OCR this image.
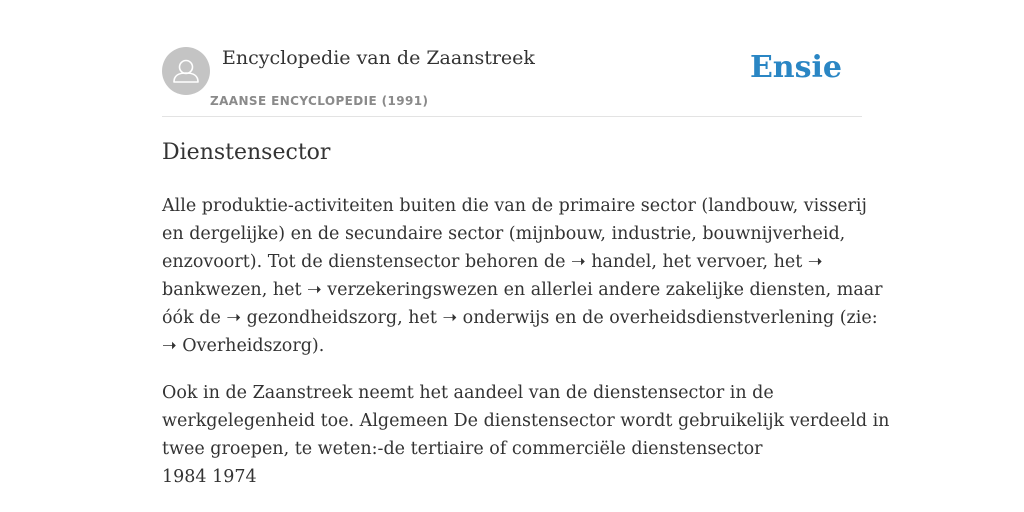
Encyclopedie van de Zaanstreek
ZAANSE ENCYCLOPEDIE (1991)
Ensie
Dienstensector

Alle produktie-activiteiten buiten die van de primaire sector (landbouw, visserij
en dergelijke) en de secundaire sector (mijnbouw, industrie, bouwnijverheid,
enzovoort). Tot de dienstensector behoren de ➝ handel, het vervoer, het ➝
bankwezen, het ➝ verzekeringswezen en allerlei andere zakelijke diensten, maar
óók de ➝ gezondheidszorg, het ➝ onderwijs en de overheidsdienstverlening (zie:
➝ Overheidszorg).

Ook in de Zaanstreek neemt het aandeel van de dienstensector in de
werkgelegenheid toe. Algemeen De dienstensector wordt gebruikelijk verdeeld in
twee groepen, te weten:-de tertiaire of commerciële dienstensector
1984 1974
